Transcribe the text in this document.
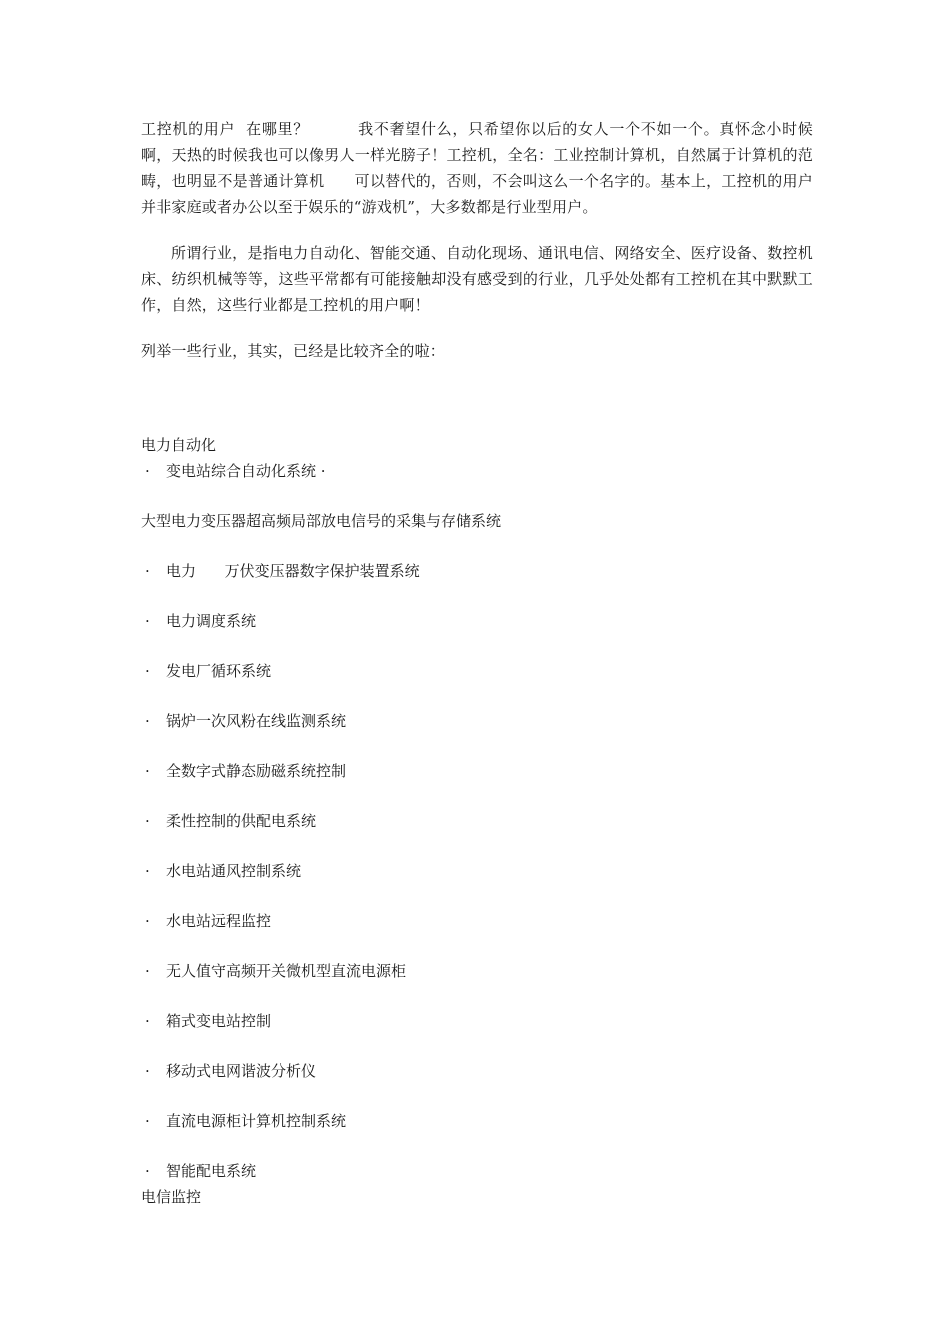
工控机的用户  在哪里？         我不奢望什么，只希望你以后的女人一个不如一个。真怀念小时候啊，天热的时候我也可以像男人一样光膀子！工控机，全名：工业控制计算机，自然属于计算机的范畴，也明显不是普通计算机      可以替代的，否则，不会叫这么一个名字的。基本上，工控机的用户并非家庭或者办公以至于娱乐的“游戏机”，大多数都是行业型用户。

所谓行业，是指电力自动化、智能交通、自动化现场、通讯电信、网络安全、医疗设备、数控机床、纺织机械等等，这些平常都有可能接触却没有感受到的行业，几乎处处都有工控机在其中默默工作，自然，这些行业都是工控机的用户啊！

列举一些行业，其实，已经是比较齐全的啦：

电力自动化

·	变电站综合自动化系统 ·

大型电力变压器超高频局部放电信号的采集与存储系统

·	电力      万伏变压器数字保护装置系统
·	电力调度系统
·	发电厂循环系统
·	锅炉一次风粉在线监测系统
·	全数字式静态励磁系统控制
·	柔性控制的供配电系统
·	水电站通风控制系统
·	水电站远程监控
·	无人值守高频开关微机型直流电源柜
·	箱式变电站控制
·	移动式电网谐波分析仪
·	直流电源柜计算机控制系统
·	智能配电系统

电信监控
